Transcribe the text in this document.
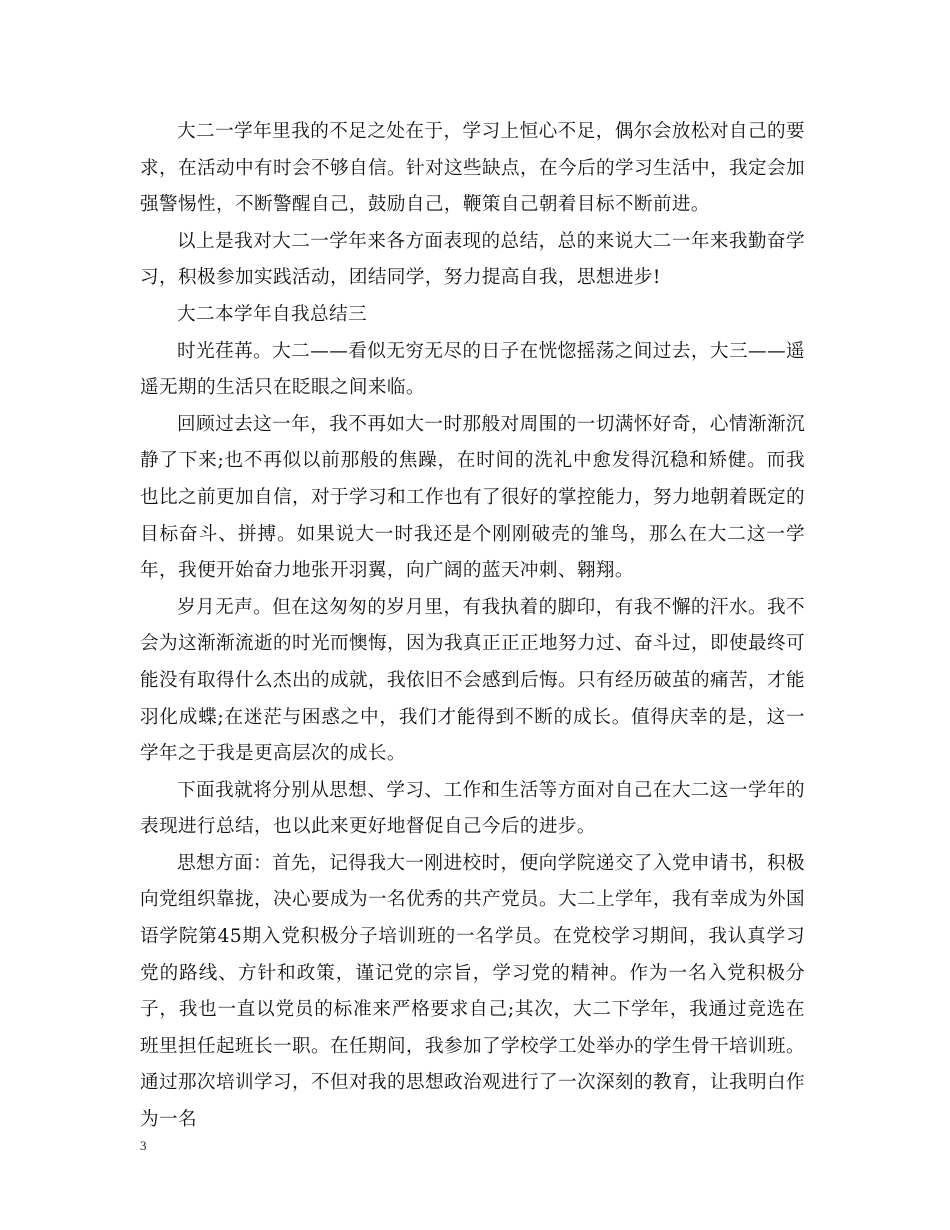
大二一学年里我的不足之处在于，学习上恒心不足，偶尔会放松对自己的要求，在活动中有时会不够自信。针对这些缺点，在今后的学习生活中，我定会加强警惕性，不断警醒自己，鼓励自己，鞭策自己朝着目标不断前进。

以上是我对大二一学年来各方面表现的总结，总的来说大二一年来我勤奋学习，积极参加实践活动，团结同学，努力提高自我，思想进步!

大二本学年自我总结三

时光荏苒。大二——看似无穷无尽的日子在恍惚摇荡之间过去，大三——遥遥无期的生活只在眨眼之间来临。

回顾过去这一年，我不再如大一时那般对周围的一切满怀好奇，心情渐渐沉静了下来;也不再似以前那般的焦躁，在时间的洗礼中愈发得沉稳和矫健。而我也比之前更加自信，对于学习和工作也有了很好的掌控能力，努力地朝着既定的目标奋斗、拼搏。如果说大一时我还是个刚刚破壳的雏鸟，那么在大二这一学年，我便开始奋力地张开羽翼，向广阔的蓝天冲刺、翱翔。

岁月无声。但在这匆匆的岁月里，有我执着的脚印，有我不懈的汗水。我不会为这渐渐流逝的时光而懊悔，因为我真正正正地努力过、奋斗过，即使最终可能没有取得什么杰出的成就，我依旧不会感到后悔。只有经历破茧的痛苦，才能羽化成蝶;在迷茫与困惑之中，我们才能得到不断的成长。值得庆幸的是，这一学年之于我是更高层次的成长。

下面我就将分别从思想、学习、工作和生活等方面对自己在大二这一学年的表现进行总结，也以此来更好地督促自己今后的进步。

思想方面：首先，记得我大一刚进校时，便向学院递交了入党申请书，积极向党组织靠拢，决心要成为一名优秀的共产党员。大二上学年，我有幸成为外国语学院第45期入党积极分子培训班的一名学员。在党校学习期间，我认真学习党的路线、方针和政策，谨记党的宗旨，学习党的精神。作为一名入党积极分子，我也一直以党员的标准来严格要求自己;其次，大二下学年，我通过竞选在班里担任起班长一职。在任期间，我参加了学校学工处举办的学生骨干培训班。通过那次培训学习，不但对我的思想政治观进行了一次深刻的教育，让我明白作为一名

3
